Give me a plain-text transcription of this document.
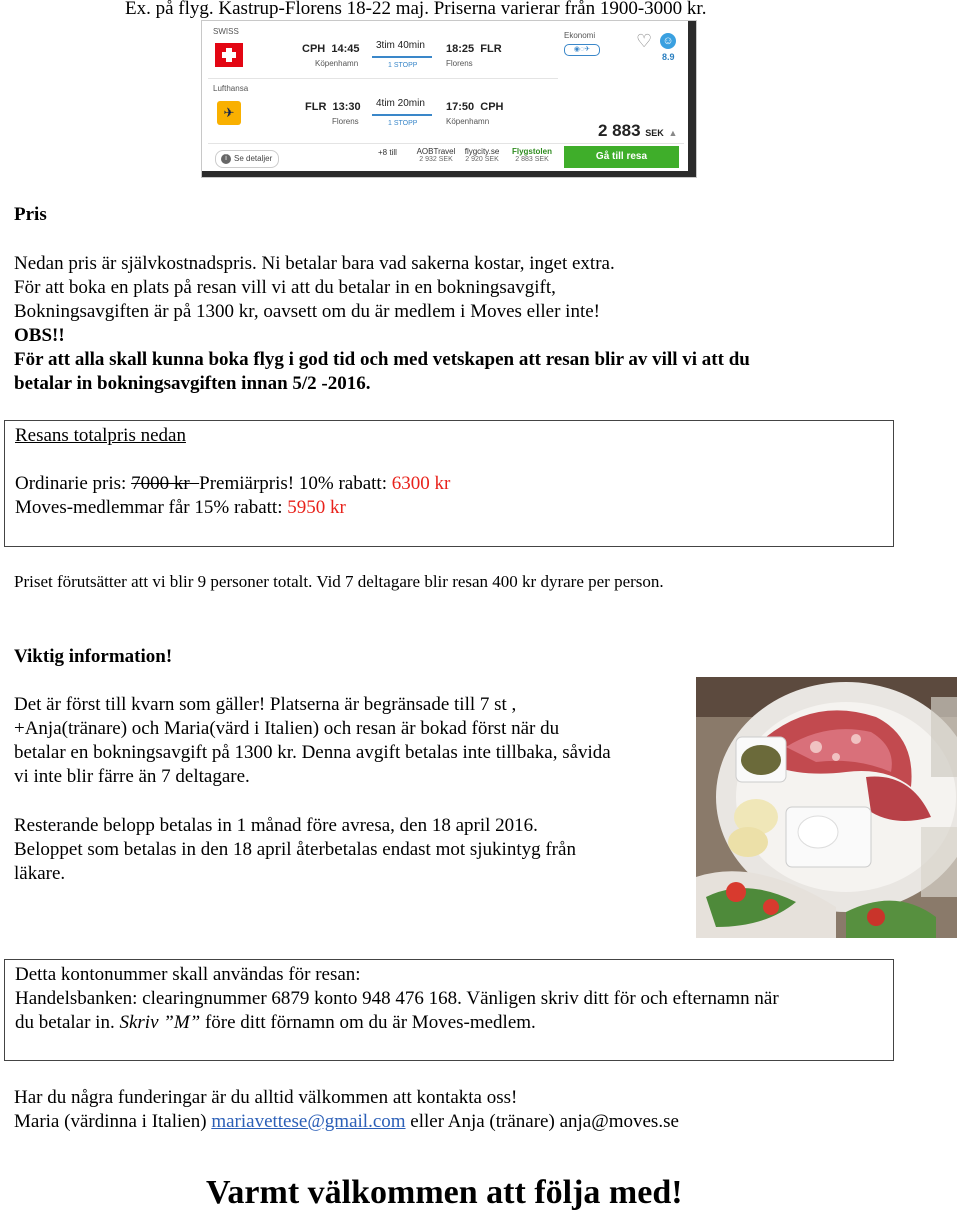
Ex. på flyg. Kastrup-Florens 18-22 maj. Priserna varierar från 1900-3000 kr.
SWISS
CPH 14:45
Köpenhamn
3tim 40min
1 STOPP
18:25 FLR
Florens
Ekonomi
◉◌✈	♡ ☺
8.9
Lufthansa
✈	FLR 13:30
Florens
4tim 20min
1 STOPP
17:50 CPH
Köpenhamn	2 883 SEK ▲
i Se detaljer
+8 till	AOBTravel
2 932 SEK
flygcity.se
2 920 SEK
Flygstolen
2 883 SEK	Gå till resa
Pris
Nedan pris är självkostnadspris. Ni betalar bara vad sakerna kostar, inget extra.
För att boka en plats på resan vill vi att du betalar in en bokningsavgift,
Bokningsavgiften är på 1300 kr, oavsett om du är medlem i Moves eller inte!
OBS!!
För att alla skall kunna boka flyg i god tid och med vetskapen att resan blir av vill vi att du
betalar in bokningsavgiften innan 5/2 -2016.
Resans totalpris nedan
Ordinarie pris: 7000 kr Premiärpris! 10% rabatt: 6300 kr
Moves-medlemmar får 15% rabatt: 5950 kr
Priset förutsätter att vi blir 9 personer totalt. Vid 7 deltagare blir resan 400 kr dyrare per person.
Viktig information!
Det är först till kvarn som gäller! Platserna är begränsade till 7 st ,
+Anja(tränare) och Maria(värd i Italien) och resan är bokad först när du
betalar en bokningsavgift på 1300 kr. Denna avgift betalas inte tillbaka, såvida
vi inte blir färre än 7 deltagare.
Resterande belopp betalas in 1 månad före avresa, den 18 april 2016.
Beloppet som betalas in den 18 april återbetalas endast mot sjukintyg från
läkare.
Detta kontonummer skall användas för resan:
Handelsbanken: clearingnummer 6879 konto 948 476 168. Vänligen skriv ditt för och efternamn när
du betalar in. Skriv ”M” före ditt förnamn om du är Moves-medlem.
Har du några funderingar är du alltid välkommen att kontakta oss!
Maria (värdinna i Italien) mariavettese@gmail.com eller Anja (tränare) anja@moves.se
Varmt välkommen att följa med!
